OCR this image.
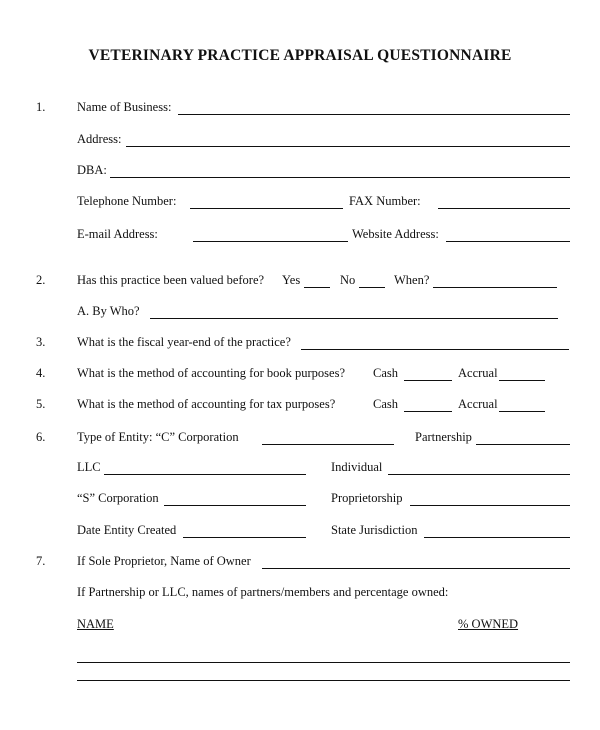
VETERINARY PRACTICE APPRAISAL QUESTIONNAIRE
1.	Name of Business:
Address:
DBA:
Telephone Number:	FAX Number:
E-mail Address:	Website Address:
2.	Has this practice been valued before? Yes	No	When?
A. By Who?
3.	What is the fiscal year-end of the practice?
4.	What is the method of accounting for book purposes? Cash	Accrual
5.	What is the method of accounting for tax purposes?	Cash	Accrual
6.	Type of Entity: “C” Corporation	Partnership
LLC	Individual
“S” Corporation	Proprietorship
Date Entity Created	State Jurisdiction
7.	If Sole Proprietor, Name of Owner
If Partnership or LLC, names of partners/members and percentage owned:
NAME	% OWNED
